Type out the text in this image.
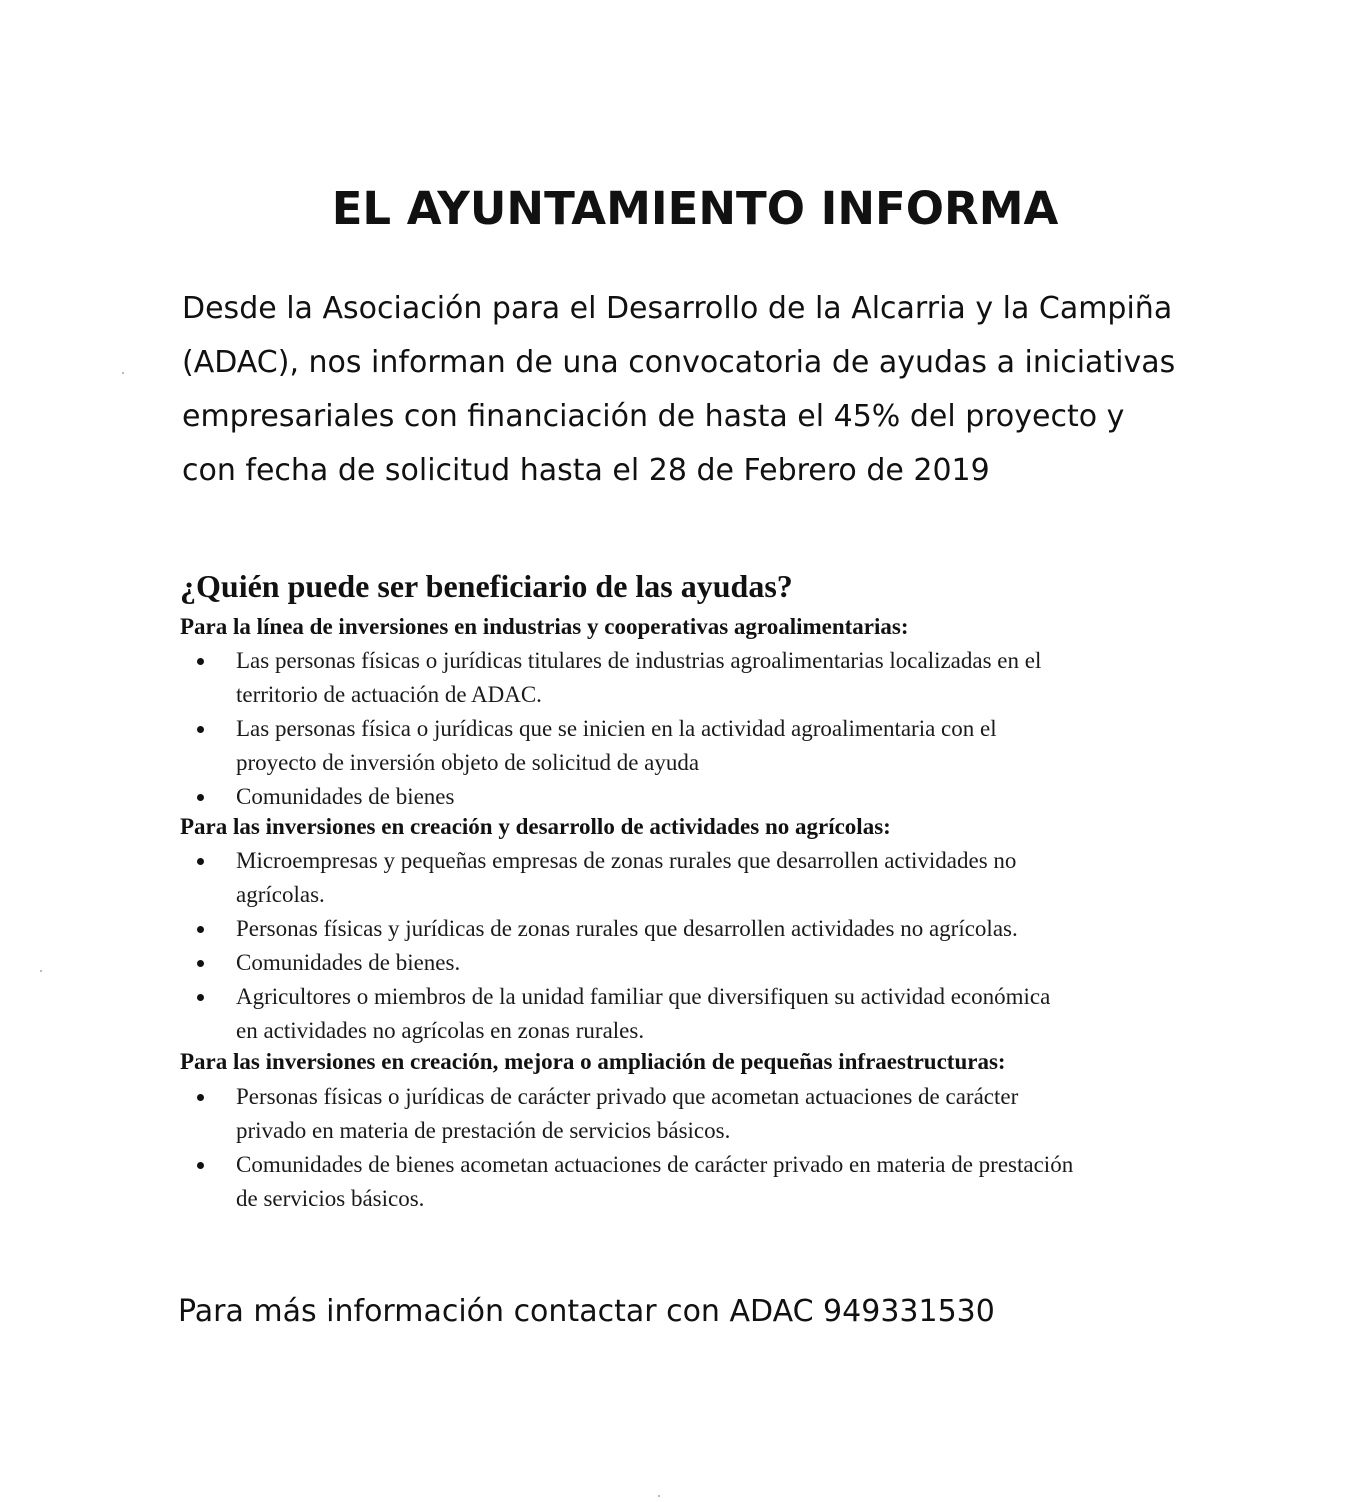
EL AYUNTAMIENTO INFORMA

Desde la Asociación para el Desarrollo de la Alcarria y la Campiña
(ADAC), nos informan de una convocatoria de ayudas a iniciativas
empresariales con financiación de hasta el 45% del proyecto y
con fecha de solicitud hasta el 28 de Febrero de 2019

¿Quién puede ser beneficiario de las ayudas?

Para la línea de inversiones en industrias y cooperativas agroalimentarias:

Las personas físicas o jurídicas titulares de industrias agroalimentarias localizadas en el
territorio de actuación de ADAC.
Las personas física o jurídicas que se inicien en la actividad agroalimentaria con el
proyecto de inversión objeto de solicitud de ayuda
Comunidades de bienes

Para las inversiones en creación y desarrollo de actividades no agrícolas:

Microempresas y pequeñas empresas de zonas rurales que desarrollen actividades no
agrícolas.
Personas físicas y jurídicas de zonas rurales que desarrollen actividades no agrícolas.
Comunidades de bienes.
Agricultores o miembros de la unidad familiar que diversifiquen su actividad económica
en actividades no agrícolas en zonas rurales.

Para las inversiones en creación, mejora o ampliación de pequeñas infraestructuras:

Personas físicas o jurídicas de carácter privado que acometan actuaciones de carácter
privado en materia de prestación de servicios básicos.
Comunidades de bienes acometan actuaciones de carácter privado en materia de prestación
de servicios básicos.

Para más información contactar con ADAC 949331530
